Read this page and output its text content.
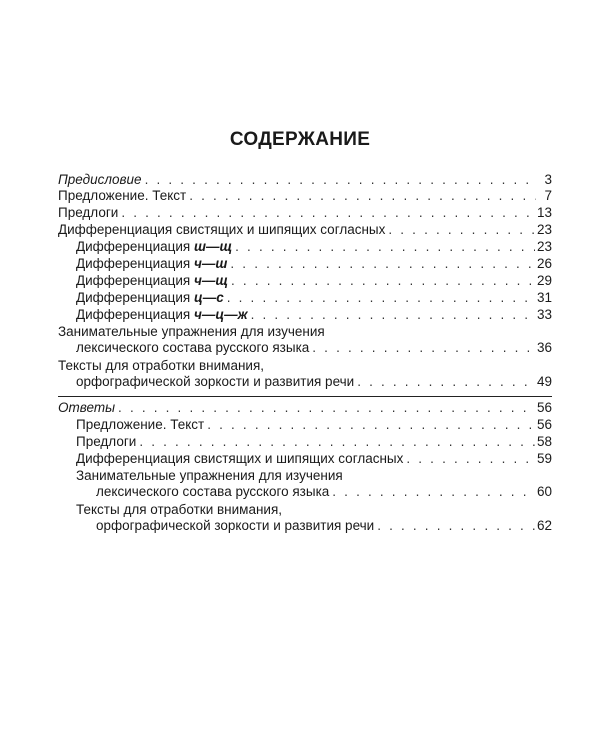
СОДЕРЖАНИЕ
Предисловие . . .	3
Предложение. Текст . . .	7
Предлоги . . .	13
Дифференциация свистящих и шипящих согласных . . .	23
Дифференциация ш—щ . . .	23
Дифференциация ч—ш . . .	26
Дифференциация ч—щ . . .	29
Дифференциация ц—с . . .	31
Дифференциация ч—ц—ж . . .	33
Занимательные упражнения для изучения
лексического состава русского языка . . .	36
Тексты для отработки внимания,
орфографической зоркости и развития речи . . .	49
Ответы . . .	56
Предложение. Текст . . .	56
Предлоги . . .	58
Дифференциация свистящих и шипящих согласных . . .	59
Занимательные упражнения для изучения
лексического состава русского языка . . .	60
Тексты для отработки внимания,
орфографической зоркости и развития речи . . .	62
